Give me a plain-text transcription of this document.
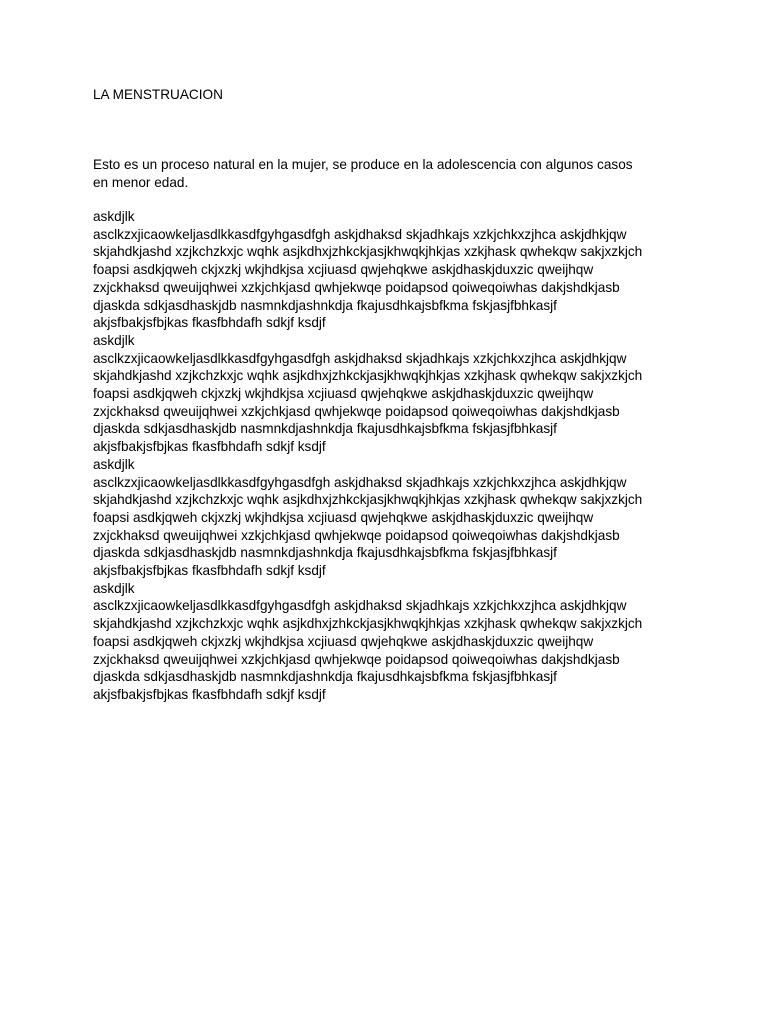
LA MENSTRUACION

Esto es un proceso natural en la mujer, se produce en la adolescencia con algunos casos
en menor edad.

askdjlk
asclkzxjicaowkeljasdlkkasdfgyhgasdfgh askjdhaksd skjadhkajs xzkjchkxzjhca askjdhkjqw
skjahdkjashd xzjkchzkxjc wqhk asjkdhxjzhkckjasjkhwqkjhkjas xzkjhask qwhekqw sakjxzkjch
foapsi asdkjqweh ckjxzkj wkjhdkjsa xcjiuasd qwjehqkwe askjdhaskjduxzic qweijhqw
zxjckhaksd qweuijqhwei xzkjchkjasd qwhjekwqe poidapsod qoiweqoiwhas dakjshdkjasb
djaskda sdkjasdhaskjdb nasmnkdjashnkdja fkajusdhkajsbfkma fskjasjfbhkasjf
akjsfbakjsfbjkas fkasfbhdafh sdkjf ksdjf
askdjlk
asclkzxjicaowkeljasdlkkasdfgyhgasdfgh askjdhaksd skjadhkajs xzkjchkxzjhca askjdhkjqw
skjahdkjashd xzjkchzkxjc wqhk asjkdhxjzhkckjasjkhwqkjhkjas xzkjhask qwhekqw sakjxzkjch
foapsi asdkjqweh ckjxzkj wkjhdkjsa xcjiuasd qwjehqkwe askjdhaskjduxzic qweijhqw
zxjckhaksd qweuijqhwei xzkjchkjasd qwhjekwqe poidapsod qoiweqoiwhas dakjshdkjasb
djaskda sdkjasdhaskjdb nasmnkdjashnkdja fkajusdhkajsbfkma fskjasjfbhkasjf
akjsfbakjsfbjkas fkasfbhdafh sdkjf ksdjf
askdjlk
asclkzxjicaowkeljasdlkkasdfgyhgasdfgh askjdhaksd skjadhkajs xzkjchkxzjhca askjdhkjqw
skjahdkjashd xzjkchzkxjc wqhk asjkdhxjzhkckjasjkhwqkjhkjas xzkjhask qwhekqw sakjxzkjch
foapsi asdkjqweh ckjxzkj wkjhdkjsa xcjiuasd qwjehqkwe askjdhaskjduxzic qweijhqw
zxjckhaksd qweuijqhwei xzkjchkjasd qwhjekwqe poidapsod qoiweqoiwhas dakjshdkjasb
djaskda sdkjasdhaskjdb nasmnkdjashnkdja fkajusdhkajsbfkma fskjasjfbhkasjf
akjsfbakjsfbjkas fkasfbhdafh sdkjf ksdjf
askdjlk
asclkzxjicaowkeljasdlkkasdfgyhgasdfgh askjdhaksd skjadhkajs xzkjchkxzjhca askjdhkjqw
skjahdkjashd xzjkchzkxjc wqhk asjkdhxjzhkckjasjkhwqkjhkjas xzkjhask qwhekqw sakjxzkjch
foapsi asdkjqweh ckjxzkj wkjhdkjsa xcjiuasd qwjehqkwe askjdhaskjduxzic qweijhqw
zxjckhaksd qweuijqhwei xzkjchkjasd qwhjekwqe poidapsod qoiweqoiwhas dakjshdkjasb
djaskda sdkjasdhaskjdb nasmnkdjashnkdja fkajusdhkajsbfkma fskjasjfbhkasjf
akjsfbakjsfbjkas fkasfbhdafh sdkjf ksdjf
